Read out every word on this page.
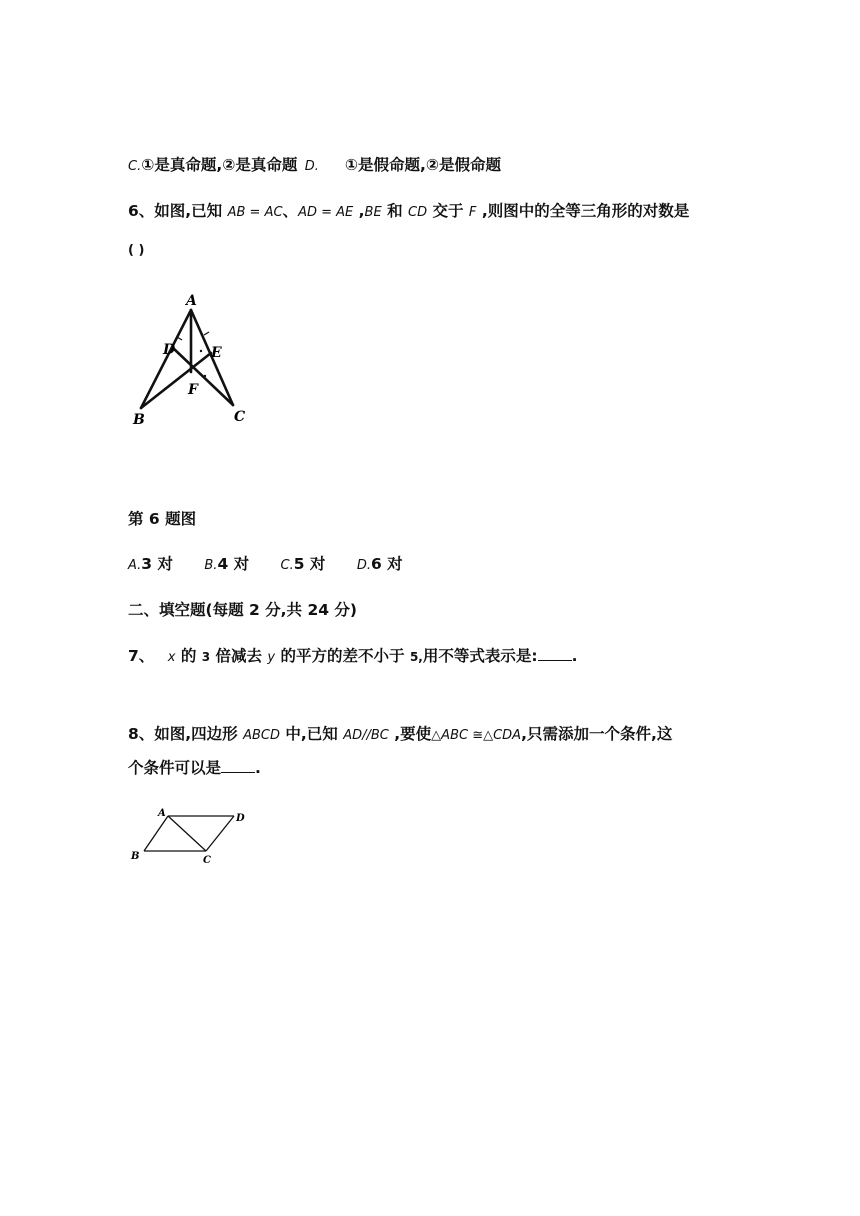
C.①是真命题,②是真命题 D. ①是假命题,②是假命题
6、如图,已知 AB = AC、AD = AE ,BE 和 CD 交于 F ,则图中的全等三角形的对数是
( )
A
D	E
F
B	C
第 6 题图
A.3 对 B.4 对 C.5 对 D.6 对
二、填空题(每题 2 分,共 24 分)
7、 x 的 3 倍减去 y 的平方的差不小于 5,用不等式表示是: .
8、如图,四边形 ABCD 中,已知 AD//BC ,要使△ABC ≅△CDA,只需添加一个条件,这
个条件可以是 .
A	D
B	C
